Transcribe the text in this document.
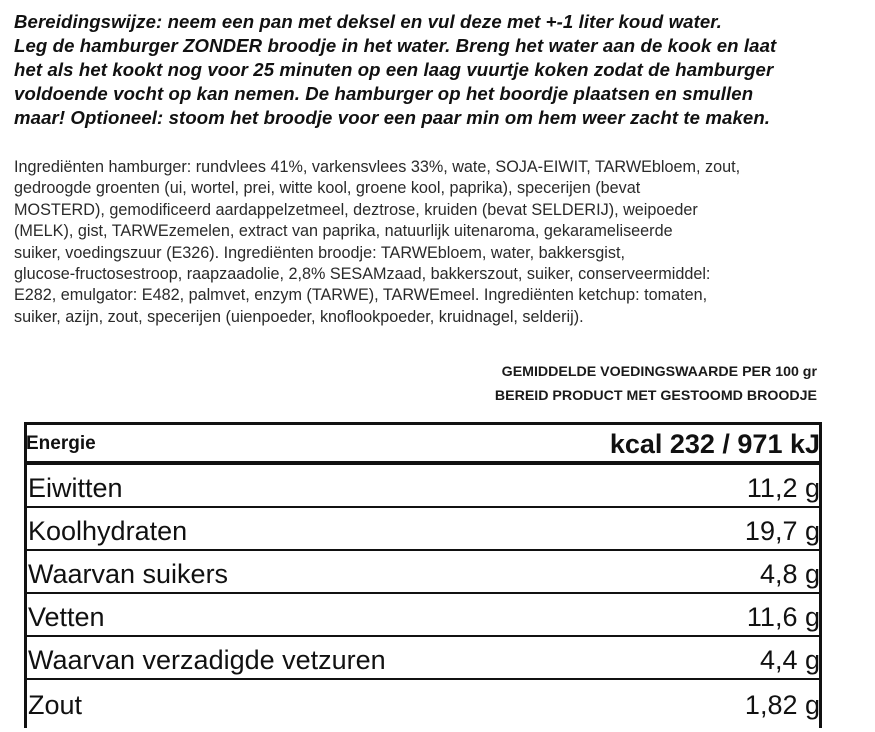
Bereidingswijze: neem een pan met deksel en vul deze met +-1 liter koud water.
Leg de hamburger ZONDER broodje in het water. Breng het water aan de kook en laat
het als het kookt nog voor 25 minuten op een laag vuurtje koken zodat de hamburger
voldoende vocht op kan nemen. De hamburger op het boordje plaatsen en smullen
maar! Optioneel: stoom het broodje voor een paar min om hem weer zacht te maken.
Ingrediënten hamburger: rundvlees 41%, varkensvlees 33%, wate, SOJA-EIWIT, TARWEbloem, zout,
gedroogde groenten (ui, wortel, prei, witte kool, groene kool, paprika), specerijen (bevat
MOSTERD), gemodificeerd aardappelzetmeel, deztrose, kruiden (bevat SELDERIJ), weipoeder
(MELK), gist, TARWEzemelen, extract van paprika, natuurlijk uitenaroma, gekarameliseerde
suiker, voedingszuur (E326). Ingrediënten broodje: TARWEbloem, water, bakkersgist,
glucose-fructosestroop, raapzaadolie, 2,8% SESAMzaad, bakkerszout, suiker, conserveermiddel:
E282, emulgator: E482, palmvet, enzym (TARWE), TARWEmeel. Ingrediënten ketchup: tomaten,
suiker, azijn, zout, specerijen (uienpoeder, knoflookpoeder, kruidnagel, selderij).
GEMIDDELDE VOEDINGSWAARDE PER 100 gr
BEREID PRODUCT MET GESTOOMD BROODJE
Energie	kcal 232 / 971 kJ
Eiwitten	11,2 g
Koolhydraten	19,7 g
Waarvan suikers	4,8 g
Vetten	11,6 g
Waarvan verzadigde vetzuren	4,4 g
Zout	1,82 g
